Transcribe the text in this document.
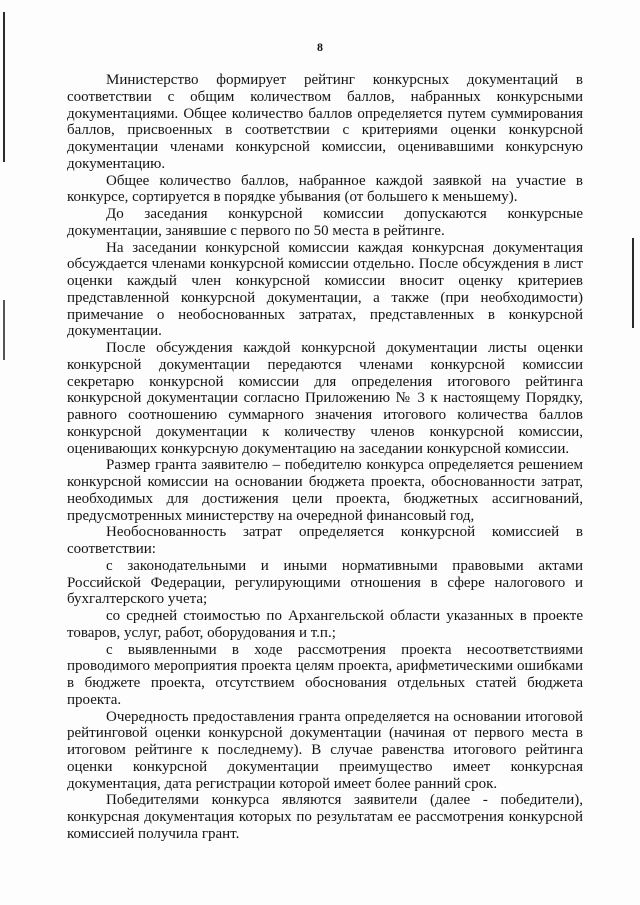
8

Министерство формирует рейтинг конкурсных документаций в соответствии с общим количеством баллов, набранных конкурсными документациями. Общее количество баллов определяется путем суммирования баллов, присвоенных в соответствии с критериями оценки конкурсной документации членами конкурсной комиссии, оценивавшими конкурсную документацию.

Общее количество баллов, набранное каждой заявкой на участие в конкурсе, сортируется в порядке убывания (от большего к меньшему).

До заседания конкурсной комиссии допускаются конкурсные документации, занявшие с первого по 50 места в рейтинге.

На заседании конкурсной комиссии каждая конкурсная документация обсуждается членами конкурсной комиссии отдельно. После обсуждения в лист оценки каждый член конкурсной комиссии вносит оценку критериев представленной конкурсной документации, а также (при необходимости) примечание о необоснованных затратах, представленных в конкурсной документации.

После обсуждения каждой конкурсной документации листы оценки конкурсной документации передаются членами конкурсной комиссии секретарю конкурсной комиссии для определения итогового рейтинга конкурсной документации согласно Приложению № 3 к настоящему Порядку, равного соотношению суммарного значения итогового количества баллов конкурсной документации к количеству членов конкурсной комиссии, оценивающих конкурсную документацию на заседании конкурсной комиссии.

Размер гранта заявителю – победителю конкурса определяется решением конкурсной комиссии на основании бюджета проекта, обоснованности затрат, необходимых для достижения цели проекта, бюджетных ассигнований, предусмотренных министерству на очередной финансовый год,

Необоснованность затрат определяется конкурсной комиссией в соответствии:

с законодательными и иными нормативными правовыми актами Российской Федерации, регулирующими отношения в сфере налогового и бухгалтерского учета;

со средней стоимостью по Архангельской области указанных в проекте товаров, услуг, работ, оборудования и т.п.;

с выявленными в ходе рассмотрения проекта несоответствиями проводимого мероприятия проекта целям проекта, арифметическими ошибками в бюджете проекта, отсутствием обоснования отдельных статей бюджета проекта.

Очередность предоставления гранта определяется на основании итоговой рейтинговой оценки конкурсной документации (начиная от первого места в итоговом рейтинге к последнему). В случае равенства итогового рейтинга оценки конкурсной документации преимущество имеет конкурсная документация, дата регистрации которой имеет более ранний срок.

Победителями конкурса являются заявители (далее - победители), конкурсная документация которых по результатам ее рассмотрения конкурсной комиссией получила грант.
